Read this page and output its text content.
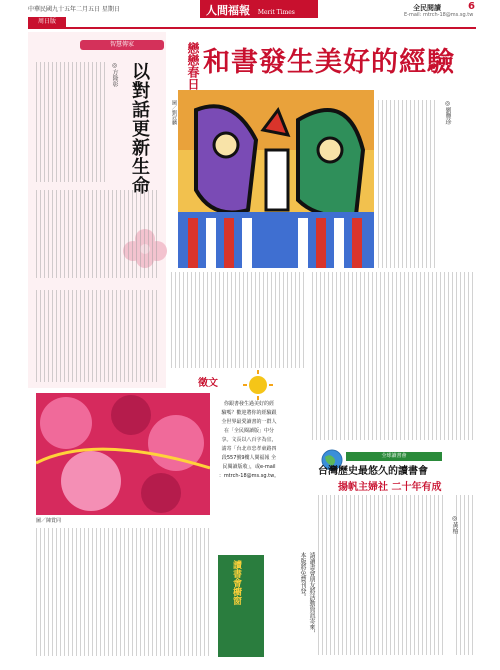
中華民國九十五年二月五日 星期日	人間福報 Merit Times
全民閱讀	6
E-mail: mtrch-18@ms.sg.tw
周日版
智慧傳家
以對話更新生命
◎方隆彰	戀戀春日 和書發生美好的經驗
圖／劉冠麟	◎劉豐珍
圖／陳賞同
徵文
你跟書發生過美好的經
驗嗎？歡迎將你的經驗跟
全世界最愛讀書的一群人
在「全民閱讀版」中分
享。文長以八百字為宜，
請寄「台北市忠孝東路四
段557號9樓人間福報 全
民閱讀版收」，或e-mail
：mtrch-18@ms.sg.tw。
全球讀書會
台灣歷史最悠久的讀書會
揚帆主婦社 二十年有成
◎黃柏
讀書會櫥窗	請讀書會朋友將活動資訊寄來，本版將免費刊登。
